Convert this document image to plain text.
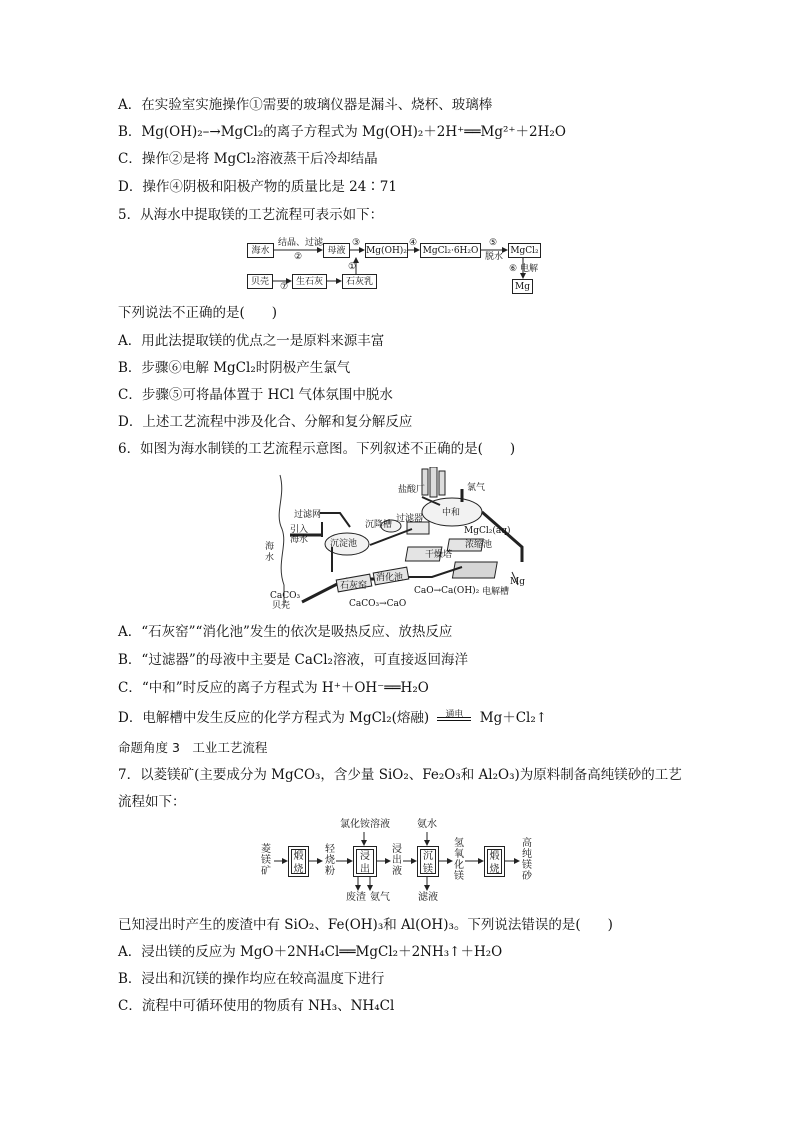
A．在实验室实施操作①需要的玻璃仪器是漏斗、烧杯、玻璃棒
B．Mg(OH)₂–→MgCl₂的离子方程式为 Mg(OH)₂＋2H⁺══Mg²⁺＋2H₂O
C．操作②是将 MgCl₂溶液蒸干后冷却结晶
D．操作④阴极和阳极产物的质量比是 24∶71
5．从海水中提取镁的工艺流程可表示如下：
海水	母液	Mg(OH)₂ MgCl₂·6H₂O	MgCl₂
Mg
贝壳	生石灰	石灰乳
结晶、过滤
②
③	④	⑤
脱水
⑥ 电解
⑦
①
下列说法不正确的是(　　)
A．用此法提取镁的优点之一是原料来源丰富
B．步骤⑥电解 MgCl₂时阴极产生氯气
C．步骤⑤可将晶体置于 HCl 气体氛围中脱水
D．上述工艺流程中涉及化合、分解和复分解反应
6．如图为海水制镁的工艺流程示意图。下列叙述不正确的是(　　)
盐酸厂	氯气
过滤网
沉降槽
过滤器
中和
引入海水
海水
沉淀池
MgCl₂(aq)
干燥塔
浓缩池
Mg
电解槽
CaCO₃
贝壳
石灰窑
消化池
CaO→Ca(OH)₂
CaCO₃→CaO
A．“石灰窑”“消化池”发生的依次是吸热反应、放热反应
B．“过滤器”的母液中主要是 CaCl₂溶液，可直接返回海洋
C．“中和”时反应的离子方程式为 H⁺＋OH⁻══H₂O
D．电解槽中发生反应的化学方程式为 MgCl₂(熔融)	通电	Mg＋Cl₂↑
命题角度 3　工业工艺流程
7．以菱镁矿(主要成分为 MgCO₃，含少量 SiO₂、Fe₂O₃和 Al₂O₃)为原料制备高纯镁砂的工艺
流程如下：
菱镁矿
煅烧
轻烧粉
浸出
浸出液
沉镁
氢氧化镁
煅烧
高纯镁砂
氯化铵溶液	氨水
废渣 氨气	滤液
已知浸出时产生的废渣中有 SiO₂、Fe(OH)₃和 Al(OH)₃。下列说法错误的是(　　)
A．浸出镁的反应为 MgO＋2NH₄Cl══MgCl₂＋2NH₃↑＋H₂O
B．浸出和沉镁的操作均应在较高温度下进行
C．流程中可循环使用的物质有 NH₃、NH₄Cl
